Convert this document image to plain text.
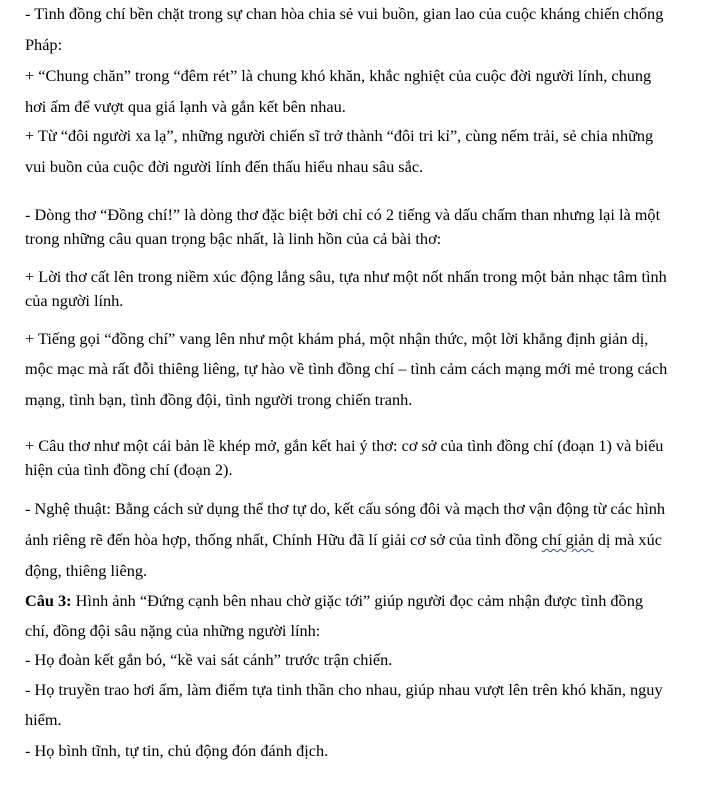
- Tình đồng chí bền chặt trong sự chan hòa chia sẻ vui buồn, gian lao của cuộc kháng chiến chống
Pháp:
+ “Chung chăn” trong “đêm rét” là chung khó khăn, khắc nghiệt của cuộc đời người lính, chung
hơi ấm để vượt qua giá lạnh và gắn kết bên nhau.
+ Từ “đôi người xa lạ”, những người chiến sĩ trở thành “đôi tri kỉ”, cùng nếm trải, sẻ chia những
vui buồn của cuộc đời người lính đến thấu hiểu nhau sâu sắc.
- Dòng thơ “Đồng chí!” là dòng thơ đặc biệt bởi chỉ có 2 tiếng và dấu chấm than nhưng lại là một
trong những câu quan trọng bậc nhất, là linh hồn của cả bài thơ:
+ Lời thơ cất lên trong niềm xúc động lắng sâu, tựa như một nốt nhấn trong một bản nhạc tâm tình
của người lính.
+ Tiếng gọi “đồng chí” vang lên như một khám phá, một nhận thức, một lời khẳng định giản dị,
mộc mạc mà rất đỗi thiêng liêng, tự hào về tình đồng chí – tình cảm cách mạng mới mẻ trong cách
mạng, tình bạn, tình đồng đội, tình người trong chiến tranh.
+ Câu thơ như một cái bản lề khép mở, gắn kết hai ý thơ: cơ sở của tình đồng chí (đoạn 1) và biểu
hiện của tình đồng chí (đoạn 2).
- Nghệ thuật: Bằng cách sử dụng thể thơ tự do, kết cấu sóng đôi và mạch thơ vận động từ các hình
ảnh riêng rẽ đến hòa hợp, thống nhất, Chính Hữu đã lí giải cơ sở của tình đồng chí giản dị mà xúc
động, thiêng liêng.
Câu 3: Hình ảnh “Đứng cạnh bên nhau chờ giặc tới” giúp người đọc cảm nhận được tình đồng
chí, đồng đội sâu nặng của những người lính:
- Họ đoàn kết gắn bó, “kề vai sát cánh” trước trận chiến.
- Họ truyền trao hơi ấm, làm điểm tựa tinh thần cho nhau, giúp nhau vượt lên trên khó khăn, nguy
hiểm.
- Họ bình tĩnh, tự tin, chủ động đón đánh địch.
